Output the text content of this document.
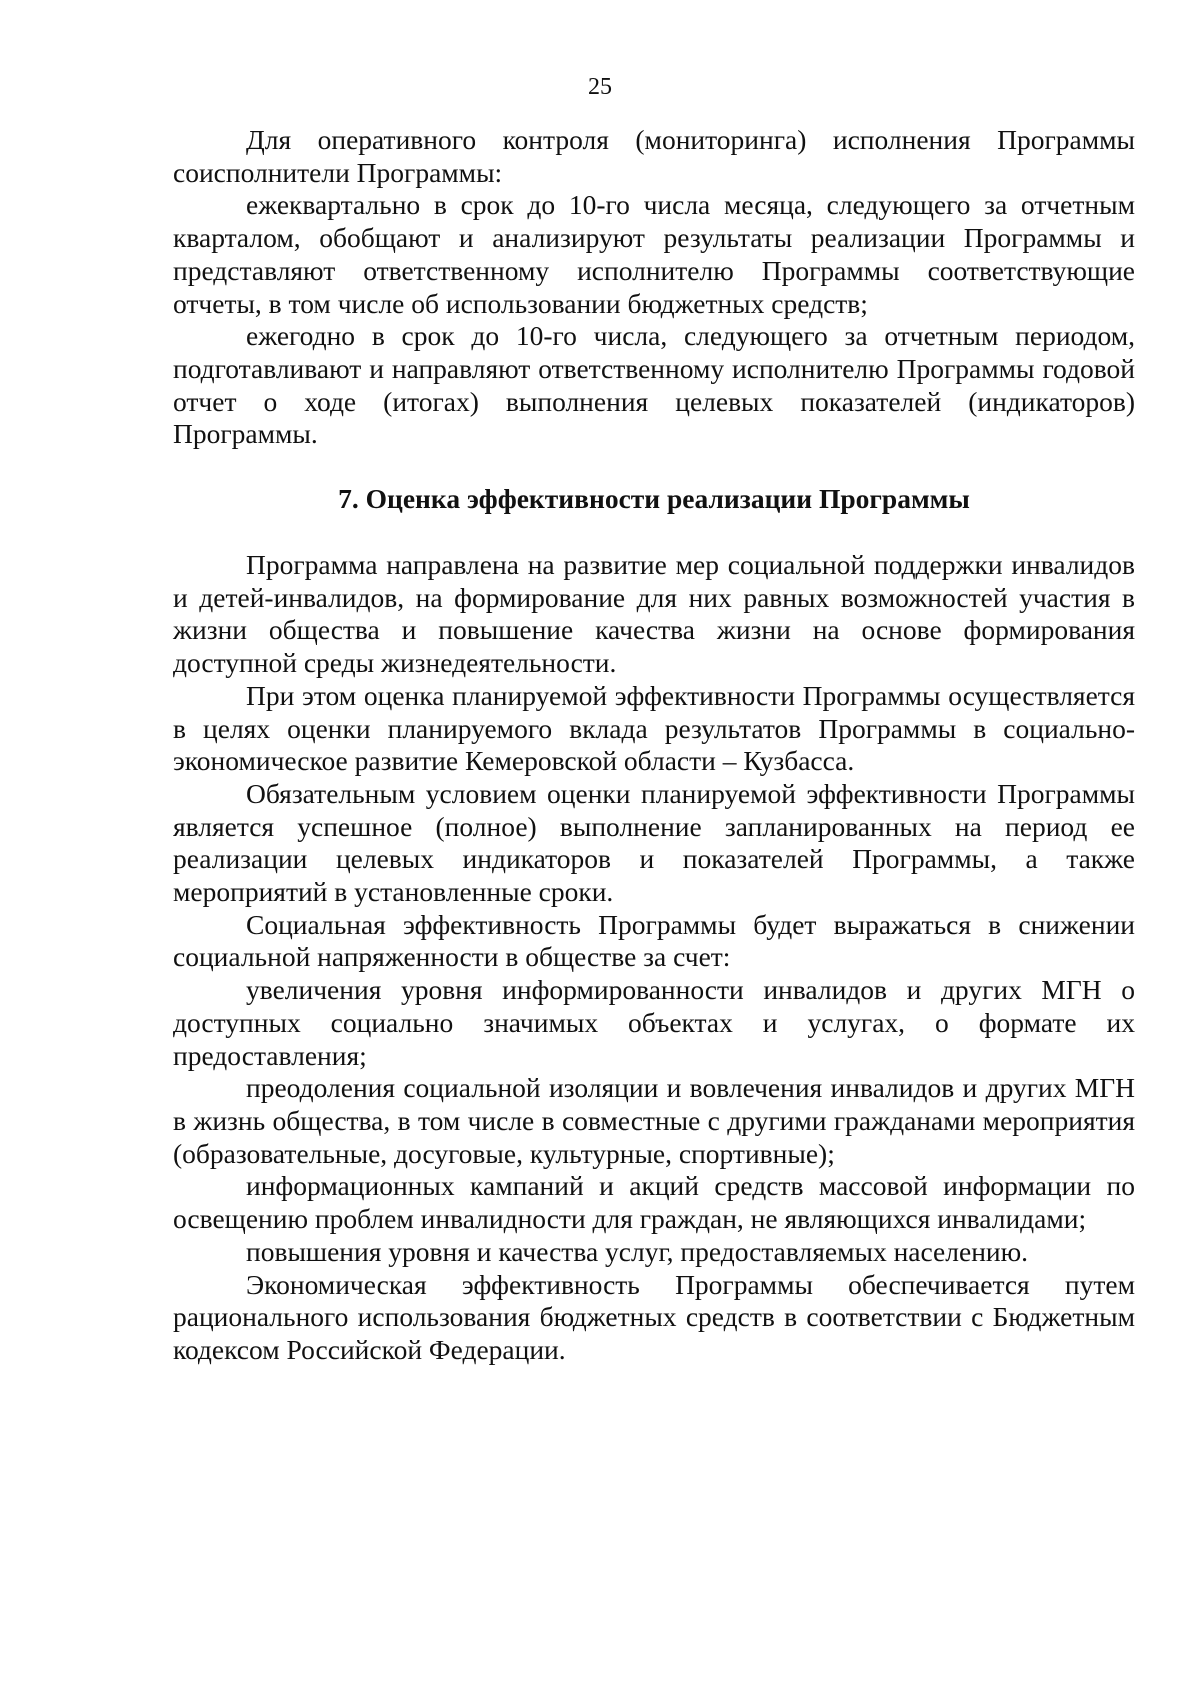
25

Для оперативного контроля (мониторинга) исполнения Программы соисполнители Программы:

ежеквартально в срок до 10-го числа месяца, следующего за отчетным кварталом, обобщают и анализируют результаты реализации Программы и представляют ответственному исполнителю Программы соответствующие отчеты, в том числе об использовании бюджетных средств;

ежегодно в срок до 10-го числа, следующего за отчетным периодом, подготавливают и направляют ответственному исполнителю Программы годовой отчет о ходе (итогах) выполнения целевых показателей (индикаторов) Программы.

7. Оценка эффективности реализации Программы

Программа направлена на развитие мер социальной поддержки инвалидов и детей-инвалидов, на формирование для них равных возможностей участия в жизни общества и повышение качества жизни на основе формирования доступной среды жизнедеятельности.

При этом оценка планируемой эффективности Программы осуществляется в целях оценки планируемого вклада результатов Программы в социально-экономическое развитие Кемеровской области – Кузбасса.

Обязательным условием оценки планируемой эффективности Программы является успешное (полное) выполнение запланированных на период ее реализации целевых индикаторов и показателей Программы, а также мероприятий в установленные сроки.

Социальная эффективность Программы будет выражаться в снижении социальной напряженности в обществе за счет:

увеличения уровня информированности инвалидов и других МГН о доступных социально значимых объектах и услугах, о формате их предоставления;

преодоления социальной изоляции и вовлечения инвалидов и других МГН в жизнь общества, в том числе в совместные с другими гражданами мероприятия (образовательные, досуговые, культурные, спортивные);

информационных кампаний и акций средств массовой информации по освещению проблем инвалидности для граждан, не являющихся инвалидами;

повышения уровня и качества услуг, предоставляемых населению.

Экономическая эффективность Программы обеспечивается путем рационального использования бюджетных средств в соответствии с Бюджетным кодексом Российской Федерации.
